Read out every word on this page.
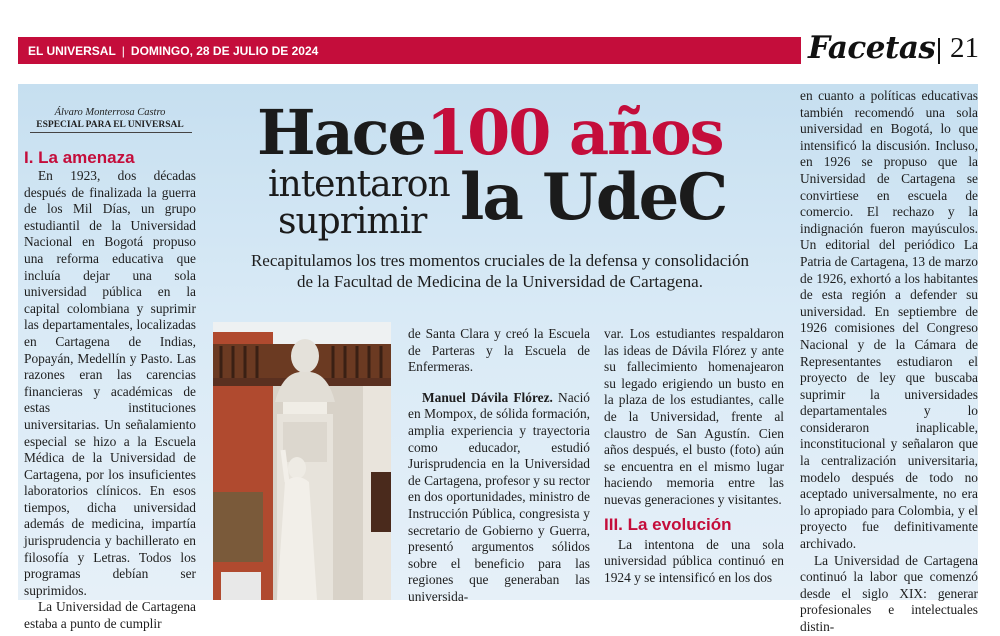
EL UNIVERSAL | DOMINGO, 28 DE JULIO DE 2024	Facetas 21
Álvaro Monterrosa Castro
ESPECIAL PARA EL UNIVERSAL Hace 100 años
intentaron
suprimir la UdeC
Recapitulamos los tres momentos cruciales de la defensa y consolidación
de la Facultad de Medicina de la Universidad de Cartagena.
I. La amenaza

En 1923, dos décadas después de finalizada la guerra de los Mil Días, un grupo estudiantil de la Universidad Nacional en Bogotá propuso una reforma educativa que incluía dejar una sola universidad pública en la capital colombiana y suprimir las departamentales, localizadas en Cartagena de Indias, Popayán, Medellín y Pasto. Las razones eran las carencias financieras y académicas de estas instituciones universitarias. Un señalamiento especial se hizo a la Escuela Médica de la Universidad de Cartagena, por los insuficientes laboratorios clínicos. En esos tiempos, dicha universidad además de medicina, impartía jurisprudencia y bachillerato en filosofía y Letras. Todos los programas debían ser suprimidos.

La Universidad de Cartagena estaba a punto de cumplir

de Santa Clara y creó la Escuela de Parteras y la Escuela de Enfermeras.

Manuel Dávila Flórez. Nació en Mompox, de sólida formación, amplia experiencia y trayectoria como educador, estudió Jurisprudencia en la Universidad de Cartagena, profesor y su rector en dos oportunidades, ministro de Instrucción Pública, congresista y secretario de Gobierno y Guerra, presentó argumentos sólidos sobre el beneficio para las regiones que generaban las universida-

var. Los estudiantes respaldaron las ideas de Dávila Flórez y ante su fallecimiento homenajearon su legado erigiendo un busto en la plaza de los estudiantes, calle de la Universidad, frente al claustro de San Agustín. Cien años después, el busto (foto) aún se encuentra en el mismo lugar haciendo memoria entre las nuevas generaciones y visitantes.

III. La evolución

La intentona de una sola universidad pública continuó en 1924 y se intensificó en los dos

en cuanto a políticas educativas también recomendó una sola universidad en Bogotá, lo que intensificó la discusión. Incluso, en 1926 se propuso que la Universidad de Cartagena se convirtiese en escuela de comercio. El rechazo y la indignación fueron mayúsculos. Un editorial del periódico La Patria de Cartagena, 13 de marzo de 1926, exhortó a los habitantes de esta región a defender su universidad. En septiembre de 1926 comisiones del Congreso Nacional y de la Cámara de Representantes estudiaron el proyecto de ley que buscaba suprimir la universidades departamentales y lo consideraron inaplicable, inconstitucional y señalaron que la centralización universitaria, modelo después de todo no aceptado universalmente, no era lo apropiado para Colombia, y el proyecto fue definitivamente archivado.

La Universidad de Cartagena continuó la labor que comenzó desde el siglo XIX: generar profesionales e intelectuales distin-
